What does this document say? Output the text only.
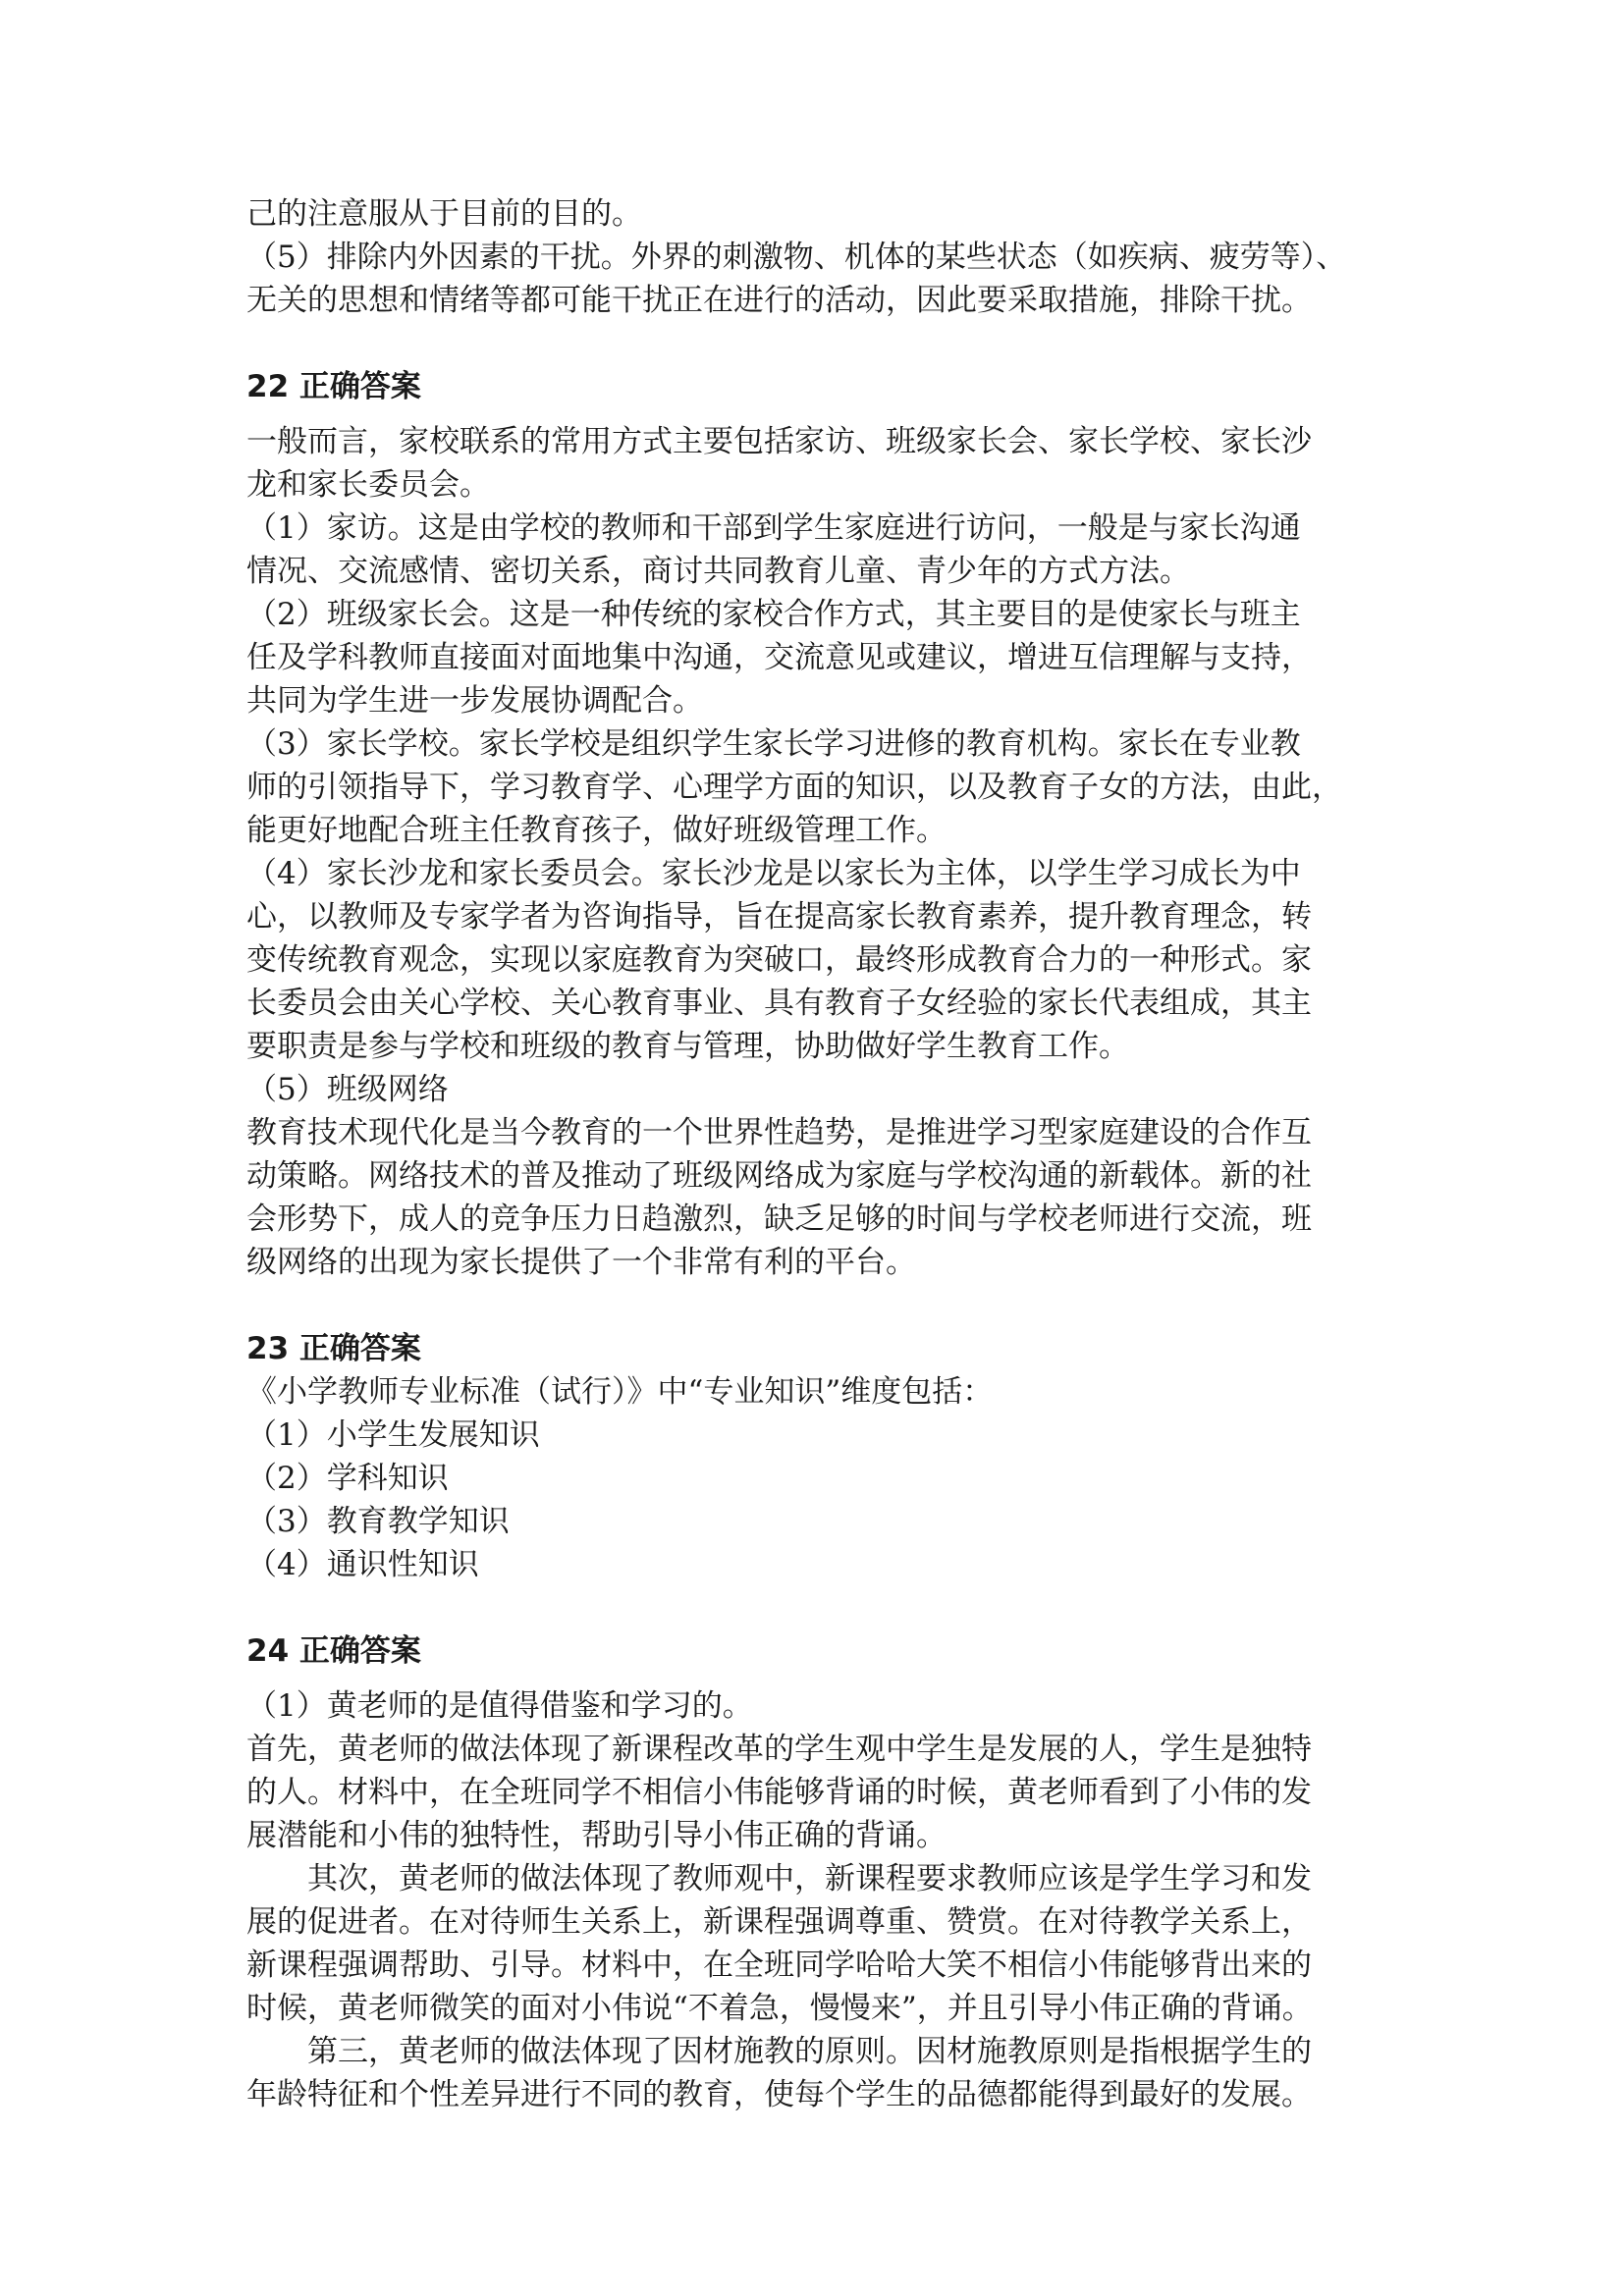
己的注意服从于目前的目的。
（5）排除内外因素的干扰。外界的刺激物、机体的某些状态（如疾病、疲劳等）、
无关的思想和情绪等都可能干扰正在进行的活动，因此要采取措施，排除干扰。
22 正确答案
一般而言，家校联系的常用方式主要包括家访、班级家长会、家长学校、家长沙
龙和家长委员会。
（1）家访。这是由学校的教师和干部到学生家庭进行访问，一般是与家长沟通
情况、交流感情、密切关系，商讨共同教育儿童、青少年的方式方法。
（2）班级家长会。这是一种传统的家校合作方式，其主要目的是使家长与班主
任及学科教师直接面对面地集中沟通，交流意见或建议，增进互信理解与支持，
共同为学生进一步发展协调配合。
（3）家长学校。家长学校是组织学生家长学习进修的教育机构。家长在专业教
师的引领指导下，学习教育学、心理学方面的知识，以及教育子女的方法，由此，
能更好地配合班主任教育孩子，做好班级管理工作。
（4）家长沙龙和家长委员会。家长沙龙是以家长为主体，以学生学习成长为中
心，以教师及专家学者为咨询指导，旨在提高家长教育素养，提升教育理念，转
变传统教育观念，实现以家庭教育为突破口，最终形成教育合力的一种形式。家
长委员会由关心学校、关心教育事业、具有教育子女经验的家长代表组成，其主
要职责是参与学校和班级的教育与管理，协助做好学生教育工作。
（5）班级网络
教育技术现代化是当今教育的一个世界性趋势，是推进学习型家庭建设的合作互
动策略。网络技术的普及推动了班级网络成为家庭与学校沟通的新载体。新的社
会形势下，成人的竞争压力日趋激烈，缺乏足够的时间与学校老师进行交流，班
级网络的出现为家长提供了一个非常有利的平台。
23 正确答案
《小学教师专业标准（试行）》中“专业知识”维度包括：
（1）小学生发展知识
（2）学科知识
（3）教育教学知识
（4）通识性知识
24 正确答案
（1）黄老师的是值得借鉴和学习的。
首先，黄老师的做法体现了新课程改革的学生观中学生是发展的人，学生是独特
的人。材料中，在全班同学不相信小伟能够背诵的时候，黄老师看到了小伟的发
展潜能和小伟的独特性，帮助引导小伟正确的背诵。
其次，黄老师的做法体现了教师观中，新课程要求教师应该是学生学习和发
展的促进者。在对待师生关系上，新课程强调尊重、赞赏。在对待教学关系上，
新课程强调帮助、引导。材料中，在全班同学哈哈大笑不相信小伟能够背出来的
时候，黄老师微笑的面对小伟说“不着急，慢慢来”，并且引导小伟正确的背诵。
第三，黄老师的做法体现了因材施教的原则。因材施教原则是指根据学生的
年龄特征和个性差异进行不同的教育，使每个学生的品德都能得到最好的发展。
